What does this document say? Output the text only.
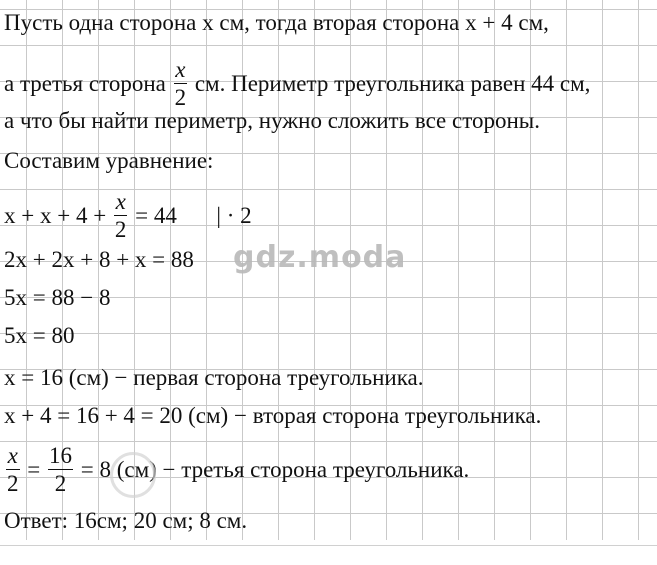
Пусть одна сторона x см, тогда вторая сторона x + 4 см,
а третья сторона $\frac{x}{2}$ см. Периметр треугольника равен 44 см,
а что бы найти периметр, нужно сложить все стороны.
Составим уравнение:
$x + x + 4 + \frac{x}{2} = 44$ | · 2
2x + 2x + 8 + x = 88
5x = 88 − 8
5x = 80
x = 16 (см) − первая сторона треугольника.
x + 4 = 16 + 4 = 20 (см) − вторая сторона треугольника.
$\frac{x}{2} = \frac{16}{2} = 8$ (см) − третья сторона треугольника.
Ответ: 16см; 20 см; 8 см.
gdz.moda
